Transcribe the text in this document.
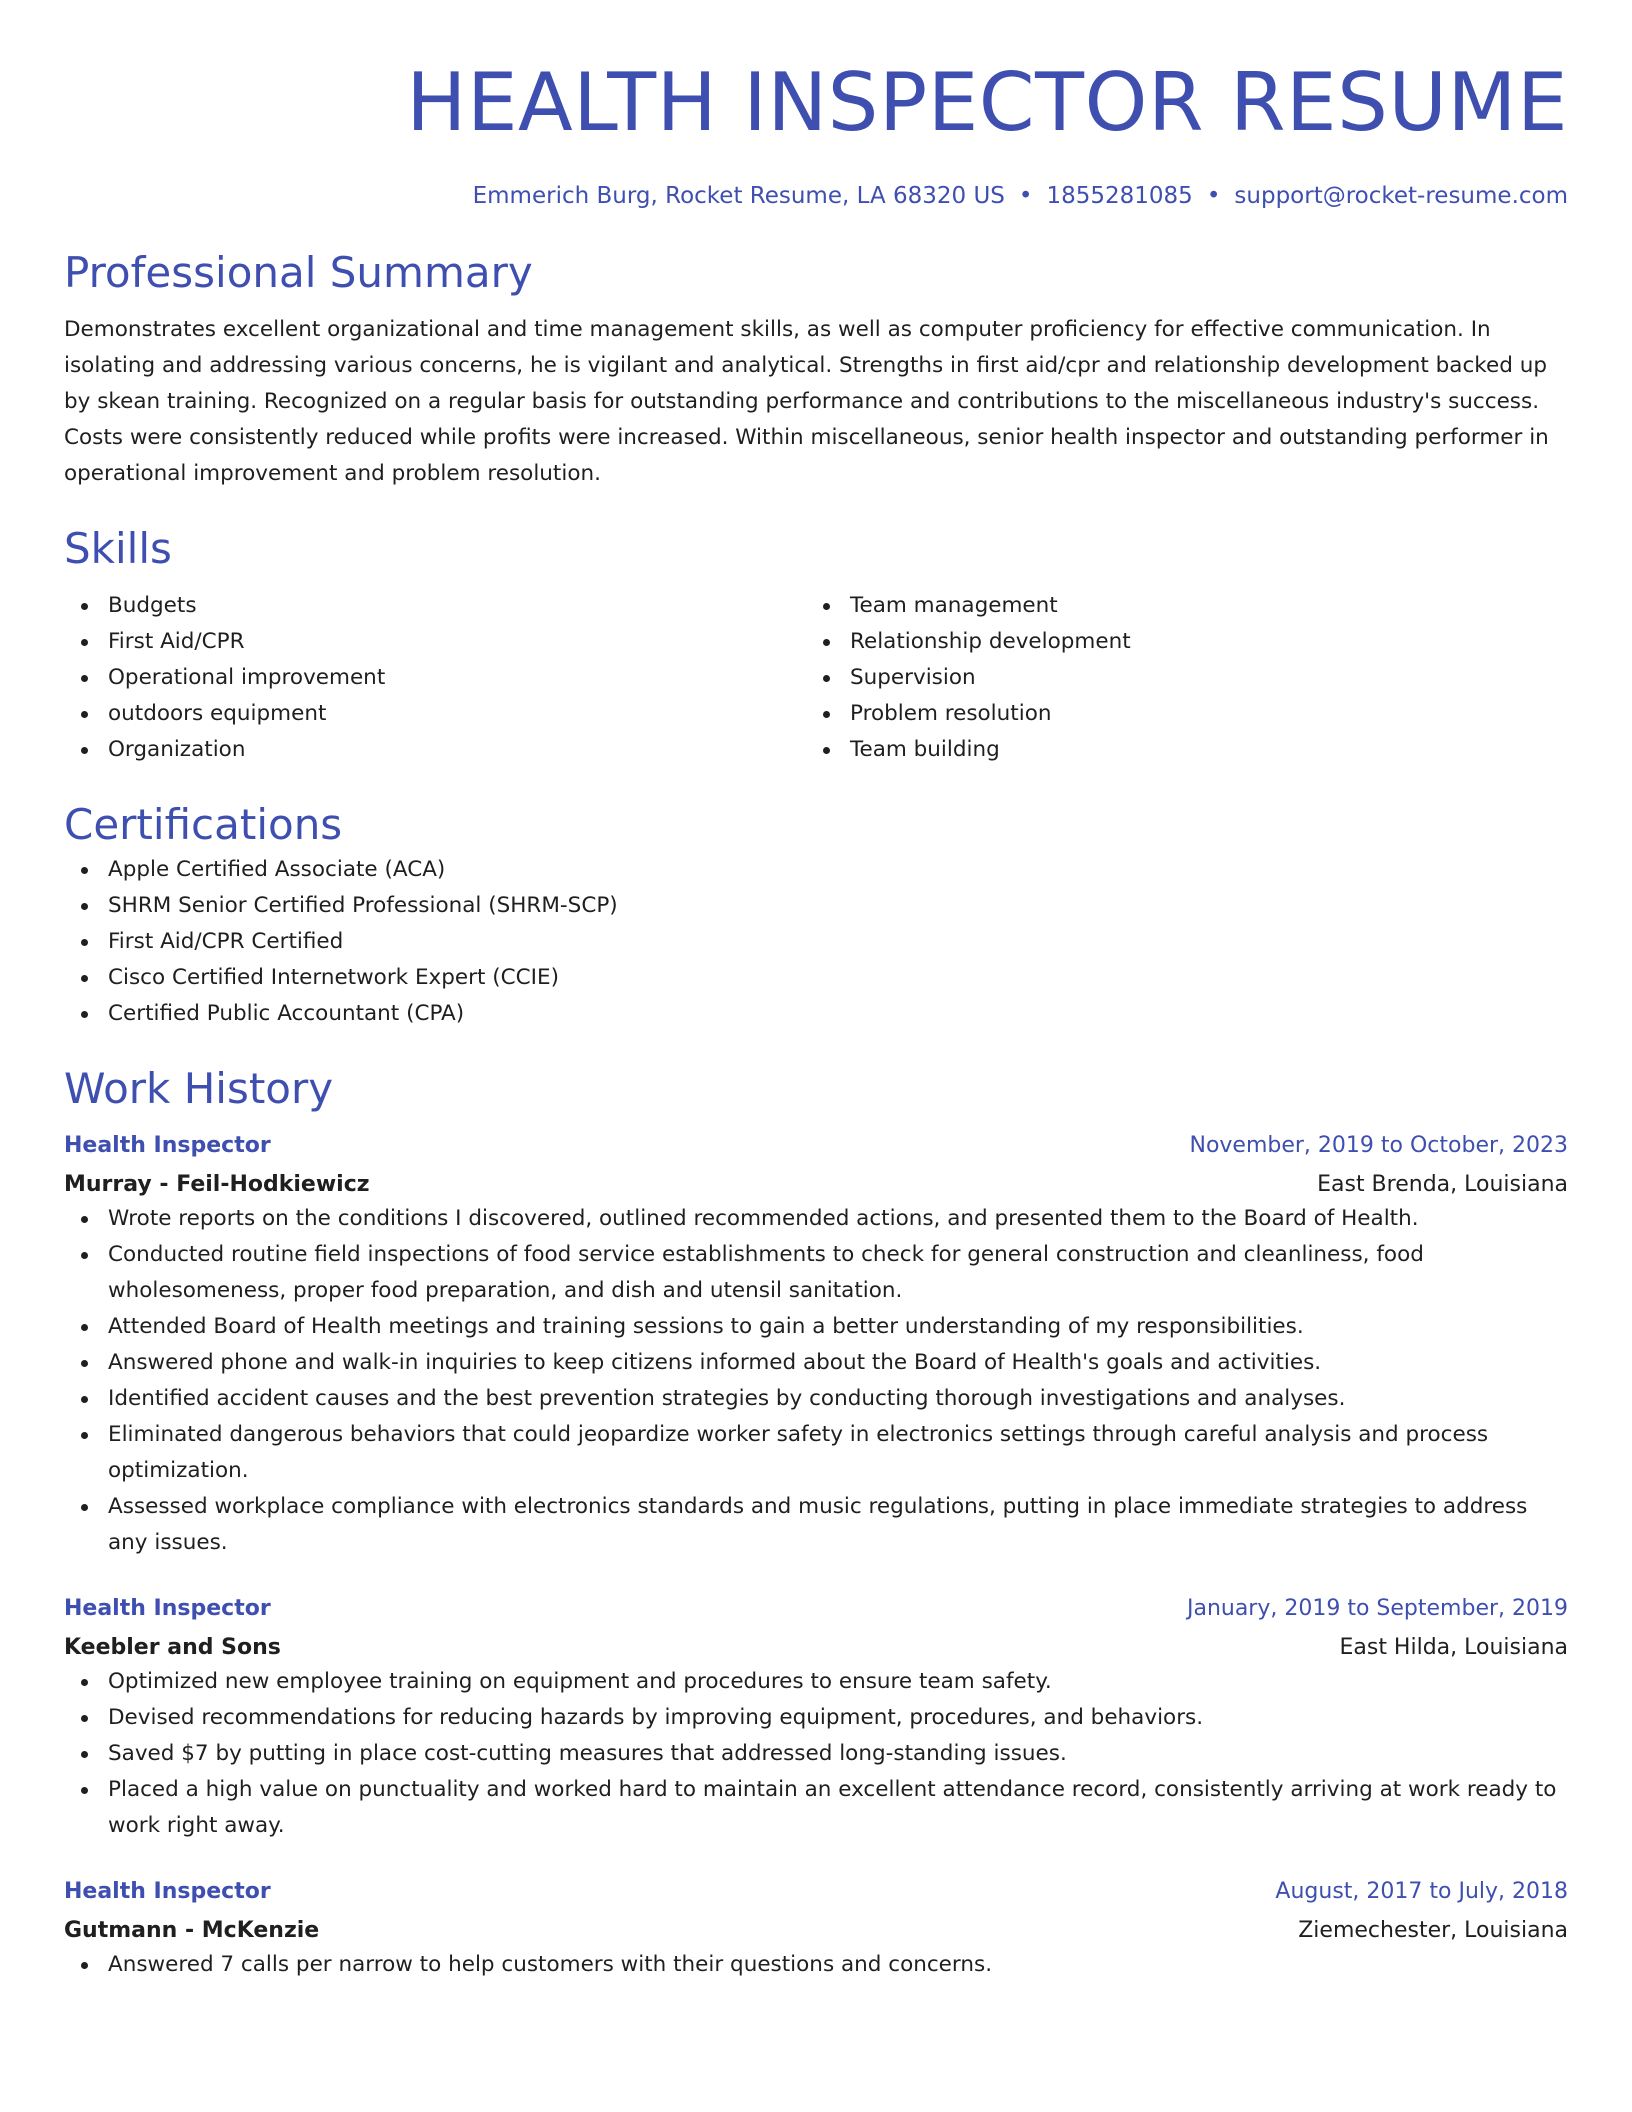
HEALTH INSPECTOR RESUME
Emmerich Burg, Rocket Resume, LA 68320 US • 1855281085 • support@rocket-resume.com
Professional Summary

Demonstrates excellent organizational and time management skills, as well as computer proficiency for effective communication. In isolating and addressing various concerns, he is vigilant and analytical. Strengths in first aid/cpr and relationship development backed up by skean training. Recognized on a regular basis for outstanding performance and contributions to the miscellaneous industry's success. Costs were consistently reduced while profits were increased. Within miscellaneous, senior health inspector and outstanding performer in operational improvement and problem resolution.

Skills
Budgets
First Aid/CPR
Operational improvement
outdoors equipment
Organization
Team management
Relationship development
Supervision
Problem resolution
Team building
Certifications
Apple Certified Associate (ACA)
SHRM Senior Certified Professional (SHRM-SCP)
First Aid/CPR Certified
Cisco Certified Internetwork Expert (CCIE)
Certified Public Accountant (CPA)
Work History
Health Inspector	November, 2019 to October, 2023
Murray - Feil-Hodkiewicz	East Brenda, Louisiana
Wrote reports on the conditions I discovered, outlined recommended actions, and presented them to the Board of Health.
Conducted routine field inspections of food service establishments to check for general construction and cleanliness, food wholesomeness, proper food preparation, and dish and utensil sanitation.
Attended Board of Health meetings and training sessions to gain a better understanding of my responsibilities.
Answered phone and walk-in inquiries to keep citizens informed about the Board of Health's goals and activities.
Identified accident causes and the best prevention strategies by conducting thorough investigations and analyses.
Eliminated dangerous behaviors that could jeopardize worker safety in electronics settings through careful analysis and process optimization.
Assessed workplace compliance with electronics standards and music regulations, putting in place immediate strategies to address any issues.
Health Inspector	January, 2019 to September, 2019
Keebler and Sons	East Hilda, Louisiana
Optimized new employee training on equipment and procedures to ensure team safety.
Devised recommendations for reducing hazards by improving equipment, procedures, and behaviors.
Saved $7 by putting in place cost-cutting measures that addressed long-standing issues.
Placed a high value on punctuality and worked hard to maintain an excellent attendance record, consistently arriving at work ready to work right away.
Health Inspector	August, 2017 to July, 2018
Gutmann - McKenzie	Ziemechester, Louisiana
Answered 7 calls per narrow to help customers with their questions and concerns.
